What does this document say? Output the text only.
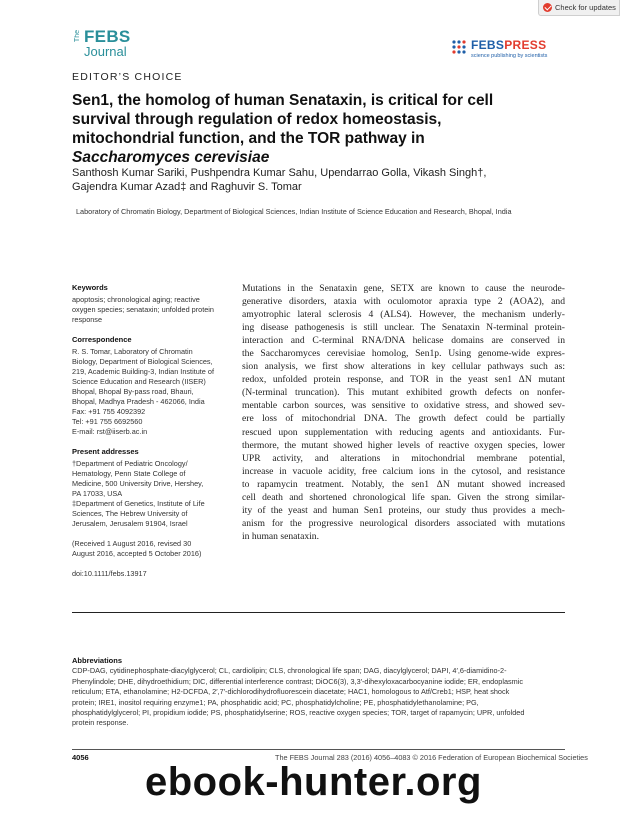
Check for updates
The FEBS
Journal
EDITOR’S CHOICE
FEBSPRESS
science publishing by scientists
Sen1, the homolog of human Senataxin, is critical for cell
survival through regulation of redox homeostasis,
mitochondrial function, and the TOR pathway in
Saccharomyces cerevisiae
Santhosh Kumar Sariki, Pushpendra Kumar Sahu, Upendarrao Golla, Vikash Singh†,
Gajendra Kumar Azad‡ and Raghuvir S. Tomar
Laboratory of Chromatin Biology, Department of Biological Sciences, Indian Institute of Science Education and Research, Bhopal, India
Keywords
apoptosis; chronological aging; reactive
oxygen species; senataxin; unfolded protein
response
Correspondence
R. S. Tomar, Laboratory of Chromatin
Biology, Department of Biological Sciences,
219, Academic Building-3, Indian Institute of
Science Education and Research (IISER)
Bhopal, Bhopal By-pass road, Bhauri,
Bhopal, Madhya Pradesh - 462066, India
Fax: +91 755 4092392
Tel: +91 755 6692560
E-mail: rst@iiserb.ac.in
Present addresses
†Department of Pediatric Oncology/
Hematology, Penn State College of
Medicine, 500 University Drive, Hershey,
PA 17033, USA
‡Department of Genetics, Institute of Life
Sciences, The Hebrew University of
Jerusalem, Jerusalem 91904, Israel
(Received 1 August 2016, revised 30
August 2016, accepted 5 October 2016)
doi:10.1111/febs.13917
Mutations in the Senataxin gene, SETX are known to cause the neurode-
generative disorders, ataxia with oculomotor apraxia type 2 (AOA2), and
amyotrophic lateral sclerosis 4 (ALS4). However, the mechanism underly-
ing disease pathogenesis is still unclear. The Senataxin N-terminal protein-
interaction and C-terminal RNA/DNA helicase domains are conserved in
the Saccharomyces cerevisiae homolog, Sen1p. Using genome-wide expres-
sion analysis, we first show alterations in key cellular pathways such as:
redox, unfolded protein response, and TOR in the yeast sen1 ΔN mutant
(N-terminal truncation). This mutant exhibited growth defects on nonfer-
mentable carbon sources, was sensitive to oxidative stress, and showed sev-
ere loss of mitochondrial DNA. The growth defect could be partially
rescued upon supplementation with reducing agents and antioxidants. Fur-
thermore, the mutant showed higher levels of reactive oxygen species, lower
UPR activity, and alterations in mitochondrial membrane potential,
increase in vacuole acidity, free calcium ions in the cytosol, and resistance
to rapamycin treatment. Notably, the sen1 ΔN mutant showed increased
cell death and shortened chronological life span. Given the strong similar-
ity of the yeast and human Sen1 proteins, our study thus provides a mech-
anism for the progressive neurological disorders associated with mutations
in human senataxin.
Abbreviations
CDP-DAG, cytidinephosphate-diacylglycerol; CL, cardiolipin; CLS, chronological life span; DAG, diacylglycerol; DAPI, 4′,6-diamidino-2-
Phenylindole; DHE, dihydroethidium; DIC, differential interference contrast; DiOC6(3), 3,3′-dihexyloxacarbocyanine iodide; ER, endoplasmic
reticulum; ETA, ethanolamine; H2-DCFDA, 2′,7′-dichlorodihydrofluorescein diacetate; HAC1, homologous to Atf/Creb1; HSP, heat shock
protein; IRE1, inositol requiring enzyme1; PA, phosphatidic acid; PC, phosphatidylcholine; PE, phosphatidylethanolamine; PG,
phosphatidylglycerol; PI, propidium iodide; PS, phosphatidylserine; ROS, reactive oxygen species; TOR, target of rapamycin; UPR, unfolded
protein response.
4056	The FEBS Journal 283 (2016) 4056–4083 © 2016 Federation of European Biochemical Societies
ebook-hunter.org
